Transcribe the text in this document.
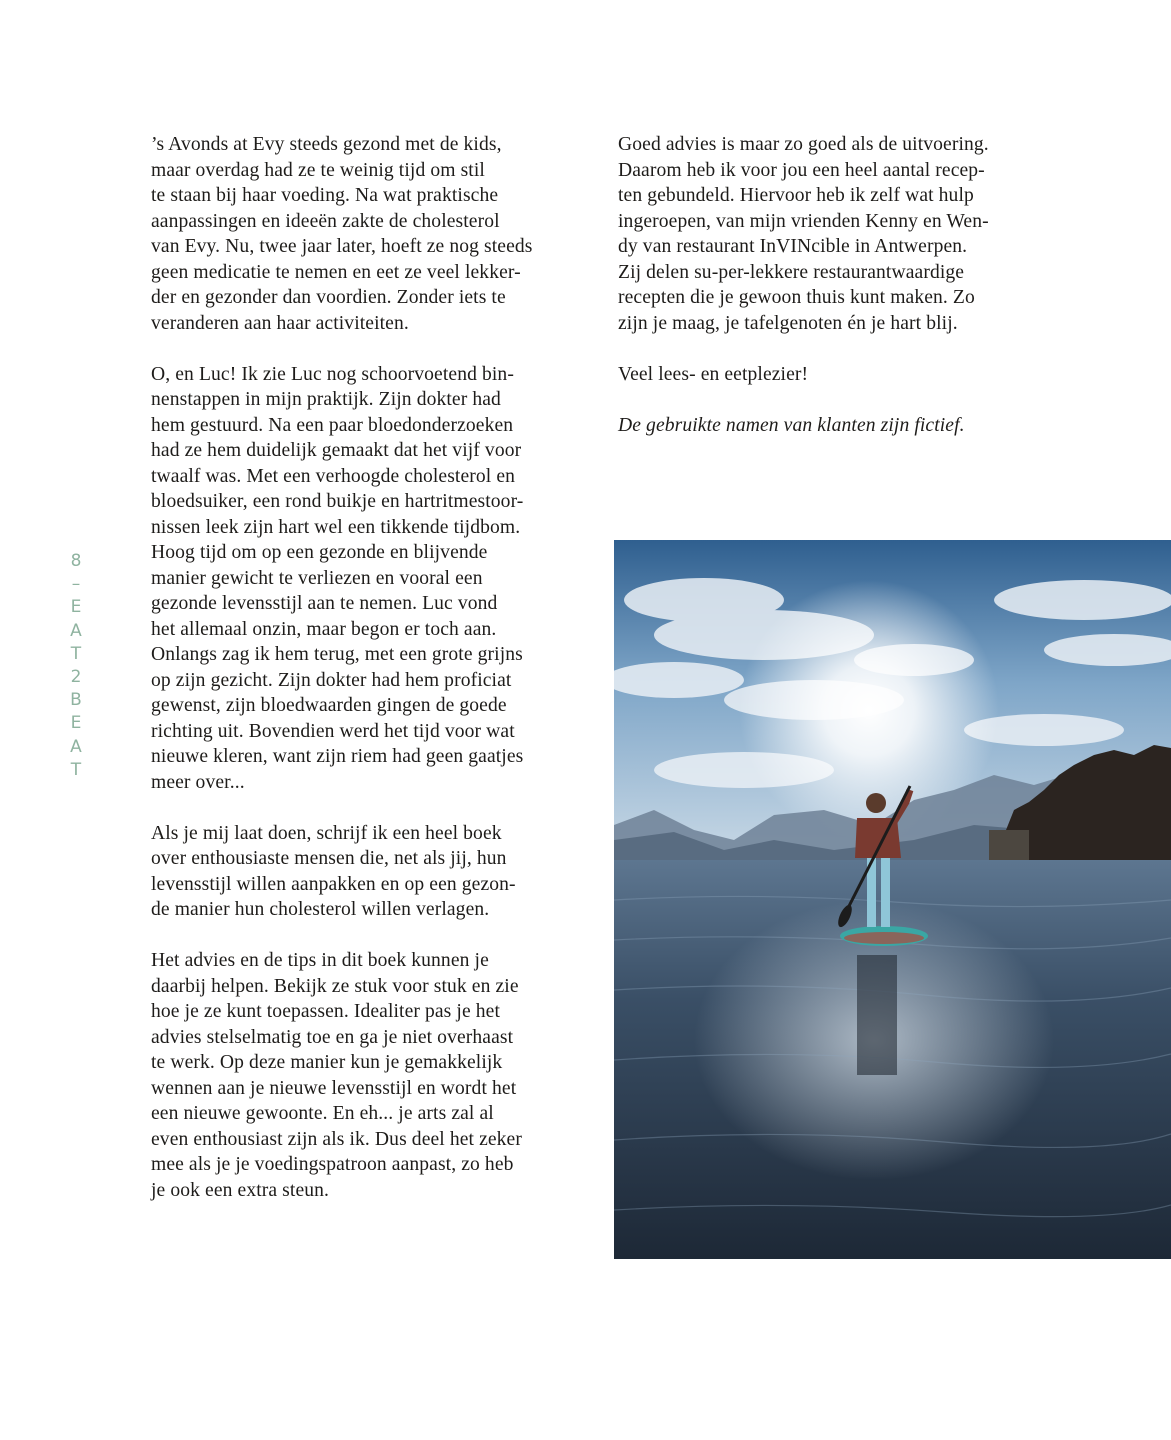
8
–
E
A
T
2
B
E
A
T
’s Avonds at Evy steeds gezond met de kids,
maar overdag had ze te weinig tijd om stil
te staan bij haar voeding. Na wat praktische
aanpassingen en ideeën zakte de cholesterol
van Evy. Nu, twee jaar later, hoeft ze nog steeds
geen medicatie te nemen en eet ze veel lekker-
der en gezonder dan voordien. Zonder iets te
veranderen aan haar activiteiten.
O, en Luc! Ik zie Luc nog schoorvoetend bin-
nenstappen in mijn praktijk. Zijn dokter had
hem gestuurd. Na een paar bloedonderzoeken
had ze hem duidelijk gemaakt dat het vijf voor
twaalf was. Met een verhoogde cholesterol en
bloedsuiker, een rond buikje en hartritmestoor-
nissen leek zijn hart wel een tikkende tijdbom.
Hoog tijd om op een gezonde en blijvende
manier gewicht te verliezen en vooral een
gezonde levensstijl aan te nemen. Luc vond
het allemaal onzin, maar begon er toch aan.
Onlangs zag ik hem terug, met een grote grijns
op zijn gezicht. Zijn dokter had hem proficiat
gewenst, zijn bloedwaarden gingen de goede
richting uit. Bovendien werd het tijd voor wat
nieuwe kleren, want zijn riem had geen gaatjes
meer over...
Als je mij laat doen, schrijf ik een heel boek
over enthousiaste mensen die, net als jij, hun
levensstijl willen aanpakken en op een gezon-
de manier hun cholesterol willen verlagen.
Het advies en de tips in dit boek kunnen je
daarbij helpen. Bekijk ze stuk voor stuk en zie
hoe je ze kunt toepassen. Idealiter pas je het
advies stelselmatig toe en ga je niet overhaast
te werk. Op deze manier kun je gemakkelijk
wennen aan je nieuwe levensstijl en wordt het
een nieuwe gewoonte. En eh... je arts zal al
even enthousiast zijn als ik. Dus deel het zeker
mee als je je voedingspatroon aanpast, zo heb
je ook een extra steun.
Goed advies is maar zo goed als de uitvoering.
Daarom heb ik voor jou een heel aantal recep-
ten gebundeld. Hiervoor heb ik zelf wat hulp
ingeroepen, van mijn vrienden Kenny en Wen-
dy van restaurant InVINcible in Antwerpen.
Zij delen su-per-lekkere restaurantwaardige
recepten die je gewoon thuis kunt maken. Zo
zijn je maag, je tafelgenoten én je hart blij.
Veel lees- en eetplezier!
De gebruikte namen van klanten zijn fictief.
